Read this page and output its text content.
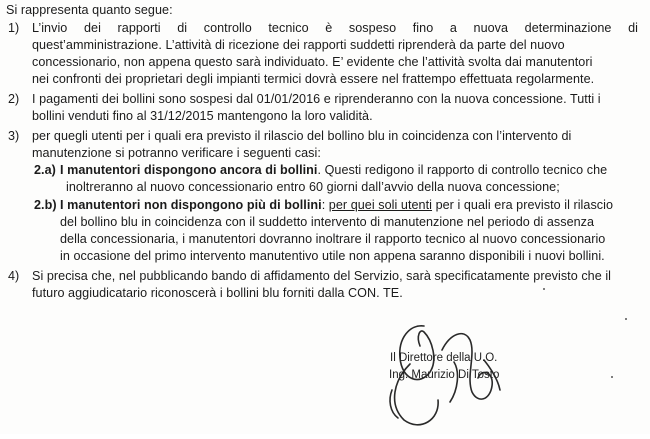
Si rappresenta quanto segue:
1) L’invio dei rapporti di controllo tecnico è sospeso fino a nuova determinazione di
quest’amministrazione. L’attività di ricezione dei rapporti suddetti riprenderà da parte del nuovo
concessionario, non appena questo sarà individuato. E’ evidente che l’attività svolta dai manutentori
nei confronti dei proprietari degli impianti termici dovrà essere nel frattempo effettuata regolarmente.
2) I pagamenti dei bollini sono sospesi dal 01/01/2016 e riprenderanno con la nuova concessione. Tutti i
bollini venduti fino al 31/12/2015 mantengono la loro validità.
3) per quegli utenti per i quali era previsto il rilascio del bollino blu in coincidenza con l’intervento di
manutenzione si potranno verificare i seguenti casi:
2.a) I manutentori dispongono ancora di bollini. Questi redigono il rapporto di controllo tecnico che
inoltreranno al nuovo concessionario entro 60 giorni dall’avvio della nuova concessione;
2.b) I manutentori non dispongono più di bollini: per quei soli utenti per i quali era previsto il rilascio
del bollino blu in coincidenza con il suddetto intervento di manutenzione nel periodo di assenza
della concessionaria, i manutentori dovranno inoltrare il rapporto tecnico al nuovo concessionario
in occasione del primo intervento manutentivo utile non appena saranno disponibili i nuovi bollini.
4) Si precisa che, nel pubblicando bando di affidamento del Servizio, sarà specificatamente previsto che il
futuro aggiudicatario riconoscerà i bollini blu forniti dalla CON. TE.
Il Direttore della U.O.
Ing. Maurizio Di Tosto
